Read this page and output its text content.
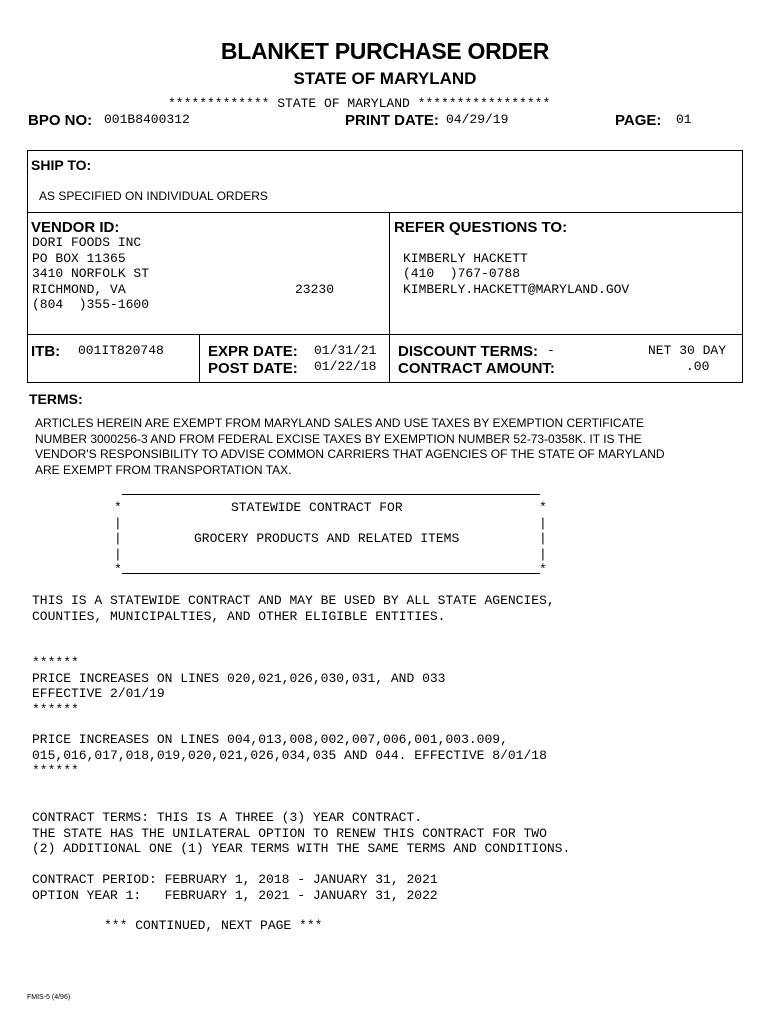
BLANKET PURCHASE ORDER
STATE OF MARYLAND
************* STATE OF MARYLAND *****************
BPO NO: 001B8400312	PRINT DATE: 04/29/19	PAGE: 01
SHIP TO:
AS SPECIFIED ON INDIVIDUAL ORDERS
VENDOR ID:
DORI FOODS INC
PO BOX 11365
3410 NORFOLK ST
RICHMOND, VA	23230
(804  )355-1600
REFER QUESTIONS TO:
KIMBERLY HACKETT
(410  )767-0788
KIMBERLY.HACKETT@MARYLAND.GOV
ITB: 001IT820748	EXPR DATE: 01/31/21
POST DATE: 01/22/18
DISCOUNT TERMS: -	NET 30 DAY
CONTRACT AMOUNT:	.00
TERMS:
ARTICLES HEREIN ARE EXEMPT FROM MARYLAND SALES AND USE TAXES BY EXEMPTION CERTIFICATE
NUMBER 3000256-3 AND FROM FEDERAL EXCISE TAXES BY EXEMPTION NUMBER 52-73-0358K. IT IS THE
VENDOR'S RESPONSIBILITY TO ADVISE COMMON CARRIERS THAT AGENCIES OF THE STATE OF MARYLAND
ARE EXEMPT FROM TRANSPORTATION TAX.
*	*
|	|
|	|
|	|
*	*
STATEWIDE CONTRACT FOR
GROCERY PRODUCTS AND RELATED ITEMS
THIS IS A STATEWIDE CONTRACT AND MAY BE USED BY ALL STATE AGENCIES,
COUNTIES, MUNICIPALTIES, AND OTHER ELIGIBLE ENTITIES.
******
PRICE INCREASES ON LINES 020,021,026,030,031, AND 033
EFFECTIVE 2/01/19
******
PRICE INCREASES ON LINES 004,013,008,002,007,006,001,003.009,
015,016,017,018,019,020,021,026,034,035 AND 044. EFFECTIVE 8/01/18
******
CONTRACT TERMS: THIS IS A THREE (3) YEAR CONTRACT.
THE STATE HAS THE UNILATERAL OPTION TO RENEW THIS CONTRACT FOR TWO
(2) ADDITIONAL ONE (1) YEAR TERMS WITH THE SAME TERMS AND CONDITIONS.
CONTRACT PERIOD: FEBRUARY 1, 2018 - JANUARY 31, 2021
OPTION YEAR 1:   FEBRUARY 1, 2021 - JANUARY 31, 2022
*** CONTINUED, NEXT PAGE ***
FMIS-5 (4/96)
